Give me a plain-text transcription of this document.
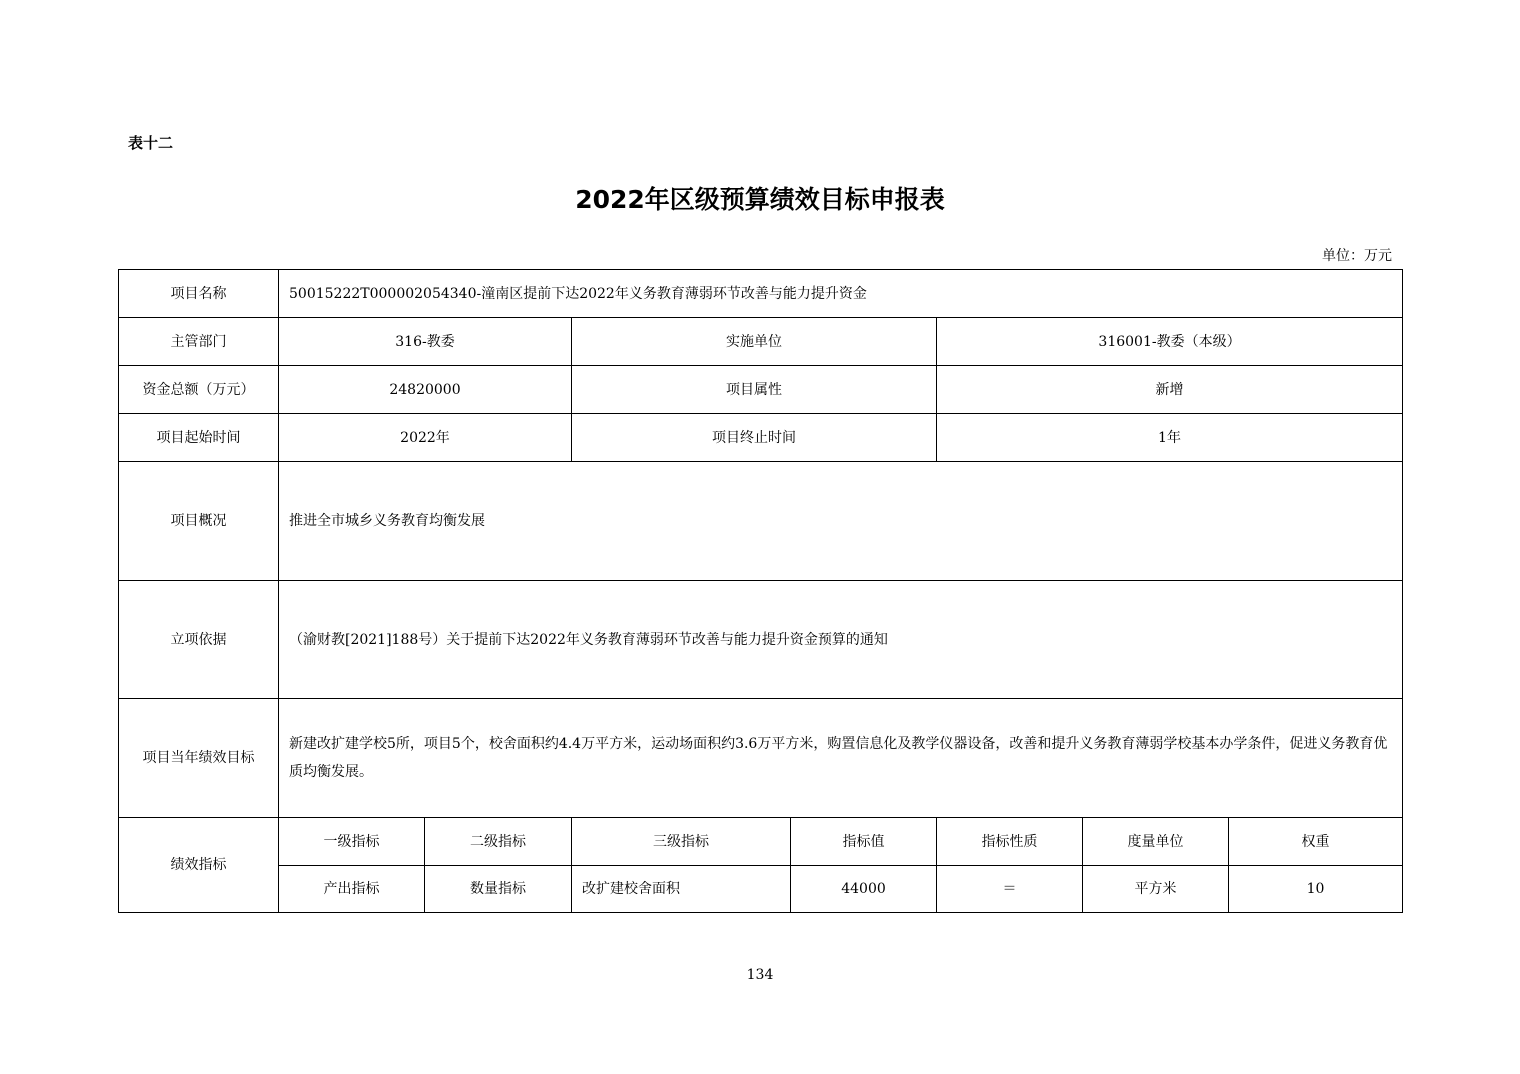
表十二
2022年区级预算绩效目标申报表
单位：万元
项目名称	50015222T000002054340-潼南区提前下达2022年义务教育薄弱环节改善与能力提升资金						
主管部门	316-教委		实施单位		316001-教委（本级）		
资金总额（万元）	24820000		项目属性		新增		
项目起始时间	2022年		项目终止时间		1年		
项目概况	推进全市城乡义务教育均衡发展						
立项依据	（渝财教[2021]188号）关于提前下达2022年义务教育薄弱环节改善与能力提升资金预算的通知						
项目当年绩效目标	新建改扩建学校5所，项目5个，校舍面积约4.4万平方米，运动场面积约3.6万平方米，购置信息化及教学仪器设备，改善和提升义务教育薄弱学校基本办学条件，促进义务教育优质均衡发展。						
绩效指标	一级指标	二级指标	三级指标	指标值	指标性质	度量单位	权重
	产出指标	数量指标	改扩建校舍面积	44000	＝	平方米	10
134
